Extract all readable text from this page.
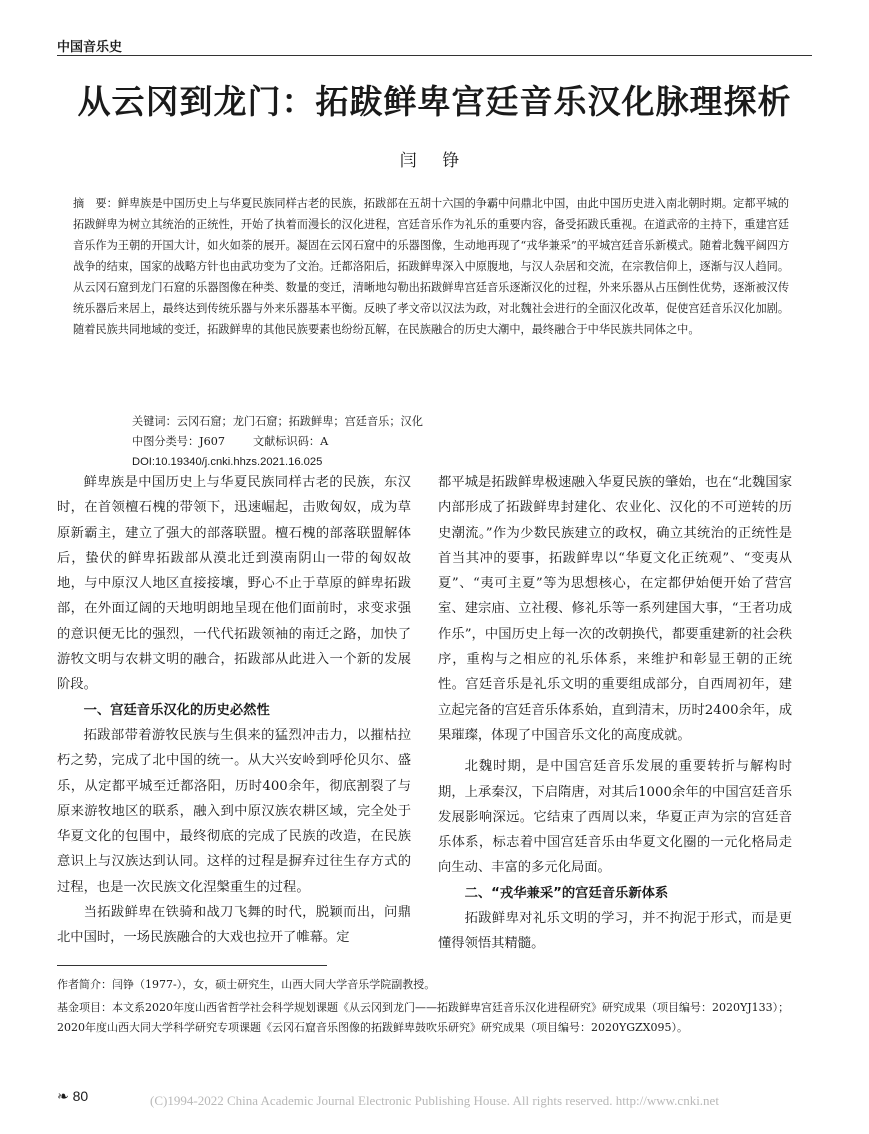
中国音乐史
从云冈到龙门：拓跋鲜卑宫廷音乐汉化脉理探析
闫 铮

摘　要：鲜卑族是中国历史上与华夏民族同样古老的民族，拓跋部在五胡十六国的争霸中问鼎北中国，由此中国历史进入南北朝时期。定都平城的拓跋鲜卑为树立其统治的正统性，开始了执着而漫长的汉化进程，宫廷音乐作为礼乐的重要内容，备受拓跋氏重视。在道武帝的主持下，重建宫廷音乐作为王朝的开国大计，如火如荼的展开。凝固在云冈石窟中的乐器图像，生动地再现了“戎华兼采”的平城宫廷音乐新模式。随着北魏平阔四方战争的结束，国家的战略方针也由武功变为了文治。迁都洛阳后，拓跋鲜卑深入中原腹地，与汉人杂居和交流，在宗教信仰上，逐渐与汉人趋同。从云冈石窟到龙门石窟的乐器图像在种类、数量的变迁，清晰地勾勒出拓跋鲜卑宫廷音乐逐渐汉化的过程，外来乐器从占压倒性优势，逐渐被汉传统乐器后来居上，最终达到传统乐器与外来乐器基本平衡。反映了孝文帝以汉法为政，对北魏社会进行的全面汉化改革，促使宫廷音乐汉化加剧。随着民族共同地域的变迁，拓跋鲜卑的其他民族要素也纷纷瓦解，在民族融合的历史大潮中，最终融合于中华民族共同体之中。

关键词：云冈石窟；龙门石窟；拓跋鲜卑；宫廷音乐；汉化

中图分类号：J607	文献标识码：A

DOI:10.19340/j.cnki.hhzs.2021.16.025

鲜卑族是中国历史上与华夏民族同样古老的民族，东汉时，在首领檀石槐的带领下，迅速崛起，击败匈奴，成为草原新霸主，建立了强大的部落联盟。檀石槐的部落联盟解体后，蛰伏的鲜卑拓跋部从漠北迁到漠南阴山一带的匈奴故地，与中原汉人地区直接接壤，野心不止于草原的鲜卑拓跋部，在外面辽阔的天地明朗地呈现在他们面前时，求变求强的意识便无比的强烈，一代代拓跋领袖的南迁之路，加快了游牧文明与农耕文明的融合，拓跋部从此进入一个新的发展阶段。

一、宫廷音乐汉化的历史必然性

拓跋部带着游牧民族与生俱来的猛烈冲击力，以摧枯拉朽之势，完成了北中国的统一。从大兴安岭到呼伦贝尔、盛乐，从定都平城至迁都洛阳，历时400余年，彻底割裂了与原来游牧地区的联系，融入到中原汉族农耕区域，完全处于华夏文化的包围中，最终彻底的完成了民族的改造，在民族意识上与汉族达到认同。这样的过程是摒弃过往生存方式的过程，也是一次民族文化涅槃重生的过程。

当拓跋鲜卑在铁骑和战刀飞舞的时代，脱颖而出，问鼎北中国时，一场民族融合的大戏也拉开了帷幕。定

都平城是拓跋鲜卑极速融入华夏民族的肇始，也在“北魏国家内部形成了拓跋鲜卑封建化、农业化、汉化的不可逆转的历史潮流。”作为少数民族建立的政权，确立其统治的正统性是首当其冲的要事，拓跋鲜卑以“华夏文化正统观”、“变夷从夏”、“夷可主夏”等为思想核心，在定都伊始便开始了营宫室、建宗庙、立社稷、修礼乐等一系列建国大事，“王者功成作乐”，中国历史上每一次的改朝换代，都要重建新的社会秩序，重构与之相应的礼乐体系，来维护和彰显王朝的正统性。宫廷音乐是礼乐文明的重要组成部分，自西周初年，建立起完备的宫廷音乐体系始，直到清末，历时2400余年，成果璀璨，体现了中国音乐文化的高度成就。

北魏时期，是中国宫廷音乐发展的重要转折与解构时期，上承秦汉，下启隋唐，对其后1000余年的中国宫廷音乐发展影响深远。它结束了西周以来，华夏正声为宗的宫廷音乐体系，标志着中国宫廷音乐由华夏文化圈的一元化格局走向生动、丰富的多元化局面。

二、“戎华兼采”的宫廷音乐新体系

拓跋鲜卑对礼乐文明的学习，并不拘泥于形式，而是更懂得领悟其精髓。

作者简介：闫铮（1977-），女，硕士研究生，山西大同大学音乐学院副教授。

基金项目：本文系2020年度山西省哲学社会科学规划课题《从云冈到龙门——拓跋鲜卑宫廷音乐汉化进程研究》研究成果（项目编号：2020YJ133）；2020年度山西大同大学科学研究专项课题《云冈石窟音乐图像的拓跋鲜卑鼓吹乐研究》研究成果（项目编号：2020YGZX095）。

❧ 80	(C)1994-2022 China Academic Journal Electronic Publishing House. All rights reserved. http://www.cnki.net
